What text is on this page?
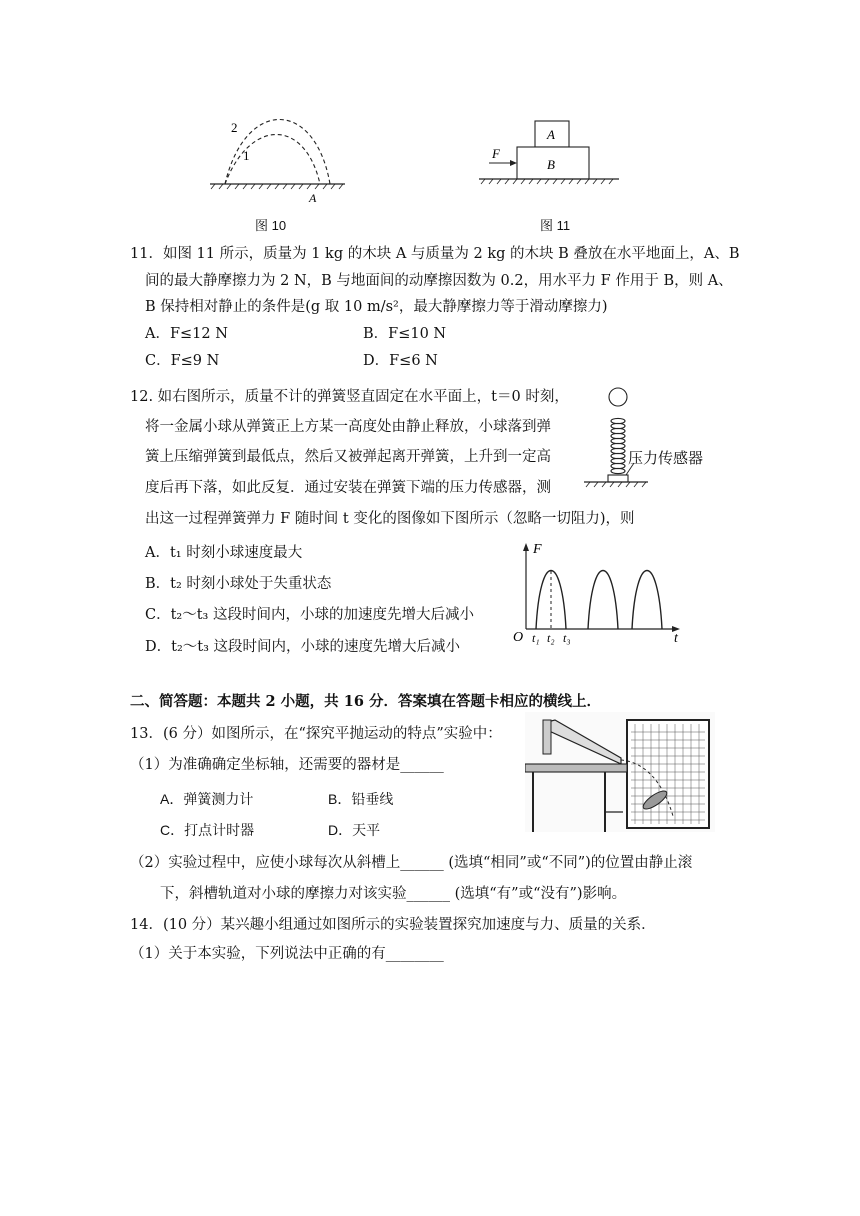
2
1
A
图 10
A
B
F
图 11
11．如图 11 所示，质量为 1 kg 的木块 A 与质量为 2 kg 的木块 B 叠放在水平地面上，A、B
间的最大静摩擦力为 2 N，B 与地面间的动摩擦因数为 0.2，用水平力 F 作用于 B，则 A、
B 保持相对静止的条件是(g 取 10 m/s²，最大静摩擦力等于滑动摩擦力)
A．F≤12 N	B．F≤10 N
C．F≤9 N	D．F≤6 N
12. 如右图所示，质量不计的弹簧竖直固定在水平面上，t＝0 时刻，
将一金属小球从弹簧正上方某一高度处由静止释放，小球落到弹
簧上压缩弹簧到最低点，然后又被弹起离开弹簧，上升到一定高
度后再下落，如此反复．通过安装在弹簧下端的压力传感器，测
出这一过程弹簧弹力 F 随时间 t 变化的图像如下图所示（忽略一切阻力)，则
A．t₁ 时刻小球速度最大
B．t₂ 时刻小球处于失重状态
C．t₂～t₃ 这段时间内，小球的加速度先增大后减小
D．t₂～t₃ 这段时间内，小球的速度先增大后减小
压力传感器
F
O	t
t₁ t₂ t₃
二、简答题：本题共 2 小题，共 16 分．答案填在答题卡相应的横线上．
13．(6 分）如图所示，在“探究平抛运动的特点”实验中：
（1）为准确确定坐标轴，还需要的器材是______
A．弹簧测力计	B．铅垂线
C．打点计时器	D．天平
（2）实验过程中，应使小球每次从斜槽上______ (选填“相同”或“不同”)的位置由静止滚
下，斜槽轨道对小球的摩擦力对该实验______ (选填“有”或“没有”)影响。
14．(10 分）某兴趣小组通过如图所示的实验装置探究加速度与力、质量的关系．
（1）关于本实验，下列说法中正确的有________
